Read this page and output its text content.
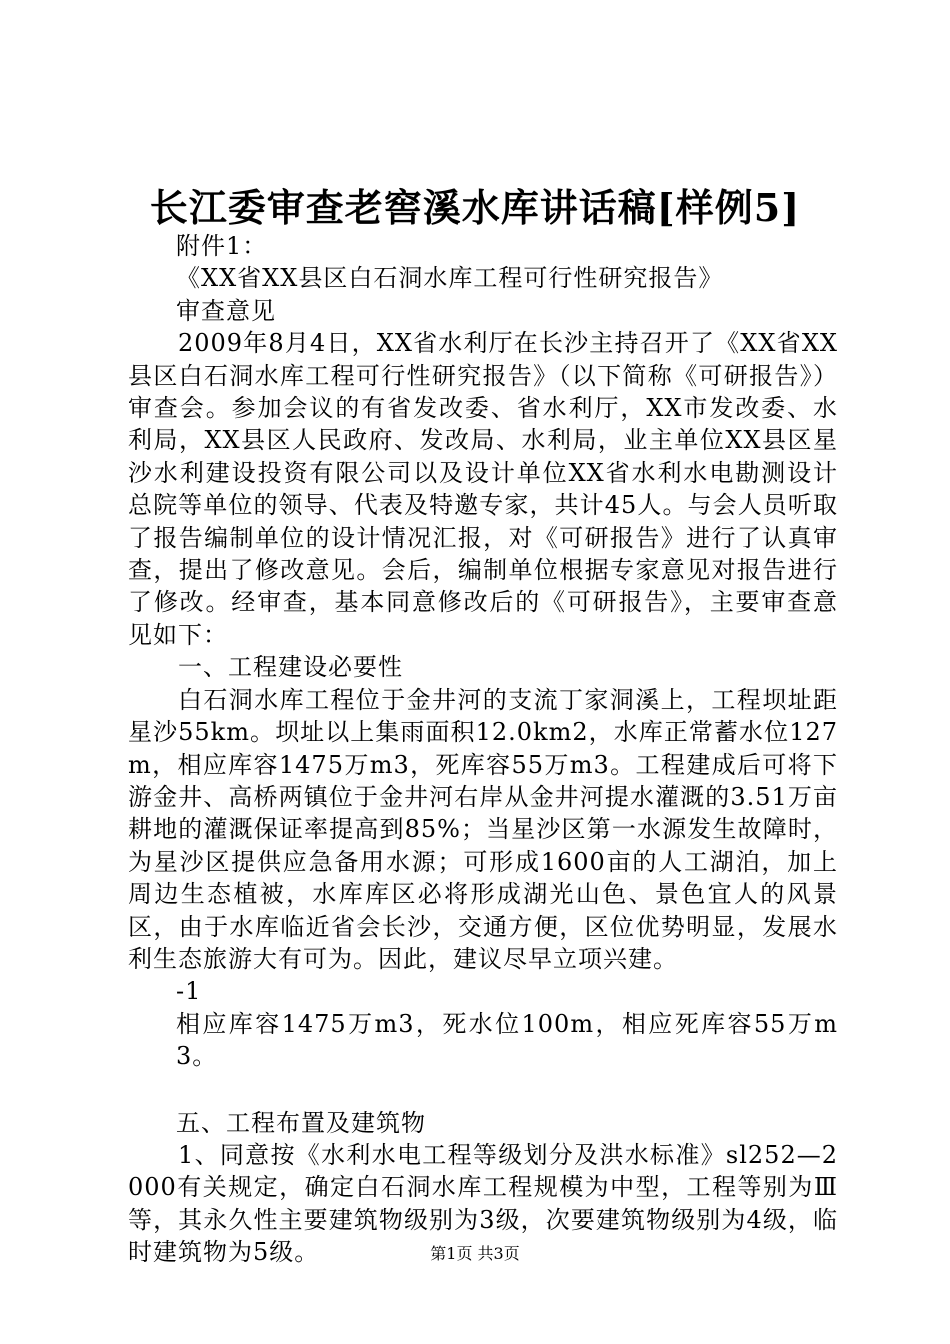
长江委审查老窖溪水库讲话稿[样例5]

附件1：

《XX省XX县区白石洞水库工程可行性研究报告》

审查意见

2009年8月4日，XX省水利厅在长沙主持召开了《XX省XX县区白石洞水库工程可行性研究报告》（以下简称《可研报告》）审查会。参加会议的有省发改委、省水利厅，XX市发改委、水利局，XX县区人民政府、发改局、水利局，业主单位XX县区星沙水利建设投资有限公司以及设计单位XX省水利水电勘测设计总院等单位的领导、代表及特邀专家，共计45人。与会人员听取了报告编制单位的设计情况汇报，对《可研报告》进行了认真审查，提出了修改意见。会后，编制单位根据专家意见对报告进行了修改。经审查，基本同意修改后的《可研报告》，主要审查意见如下：

一、工程建设必要性

白石洞水库工程位于金井河的支流丁家洞溪上，工程坝址距星沙55km。坝址以上集雨面积12.0km2，水库正常蓄水位127m，相应库容1475万m3，死库容55万m3。工程建成后可将下游金井、高桥两镇位于金井河右岸从金井河提水灌溉的3.51万亩耕地的灌溉保证率提高到85%；当星沙区第一水源发生故障时，为星沙区提供应急备用水源；可形成1600亩的人工湖泊，加上周边生态植被，水库库区必将形成湖光山色、景色宜人的风景区，由于水库临近省会长沙，交通方便，区位优势明显，发展水利生态旅游大有可为。因此，建议尽早立项兴建。

-1

相应库容1475万m3，死水位100m，相应死库容55万m3。

五、工程布置及建筑物

1、同意按《水利水电工程等级划分及洪水标准》sl252—2000有关规定，确定白石洞水库工程规模为中型，工程等别为Ⅲ等，其永久性主要建筑物级别为3级，次要建筑物级别为4级，临时建筑物为5级。	第1页 共3页
